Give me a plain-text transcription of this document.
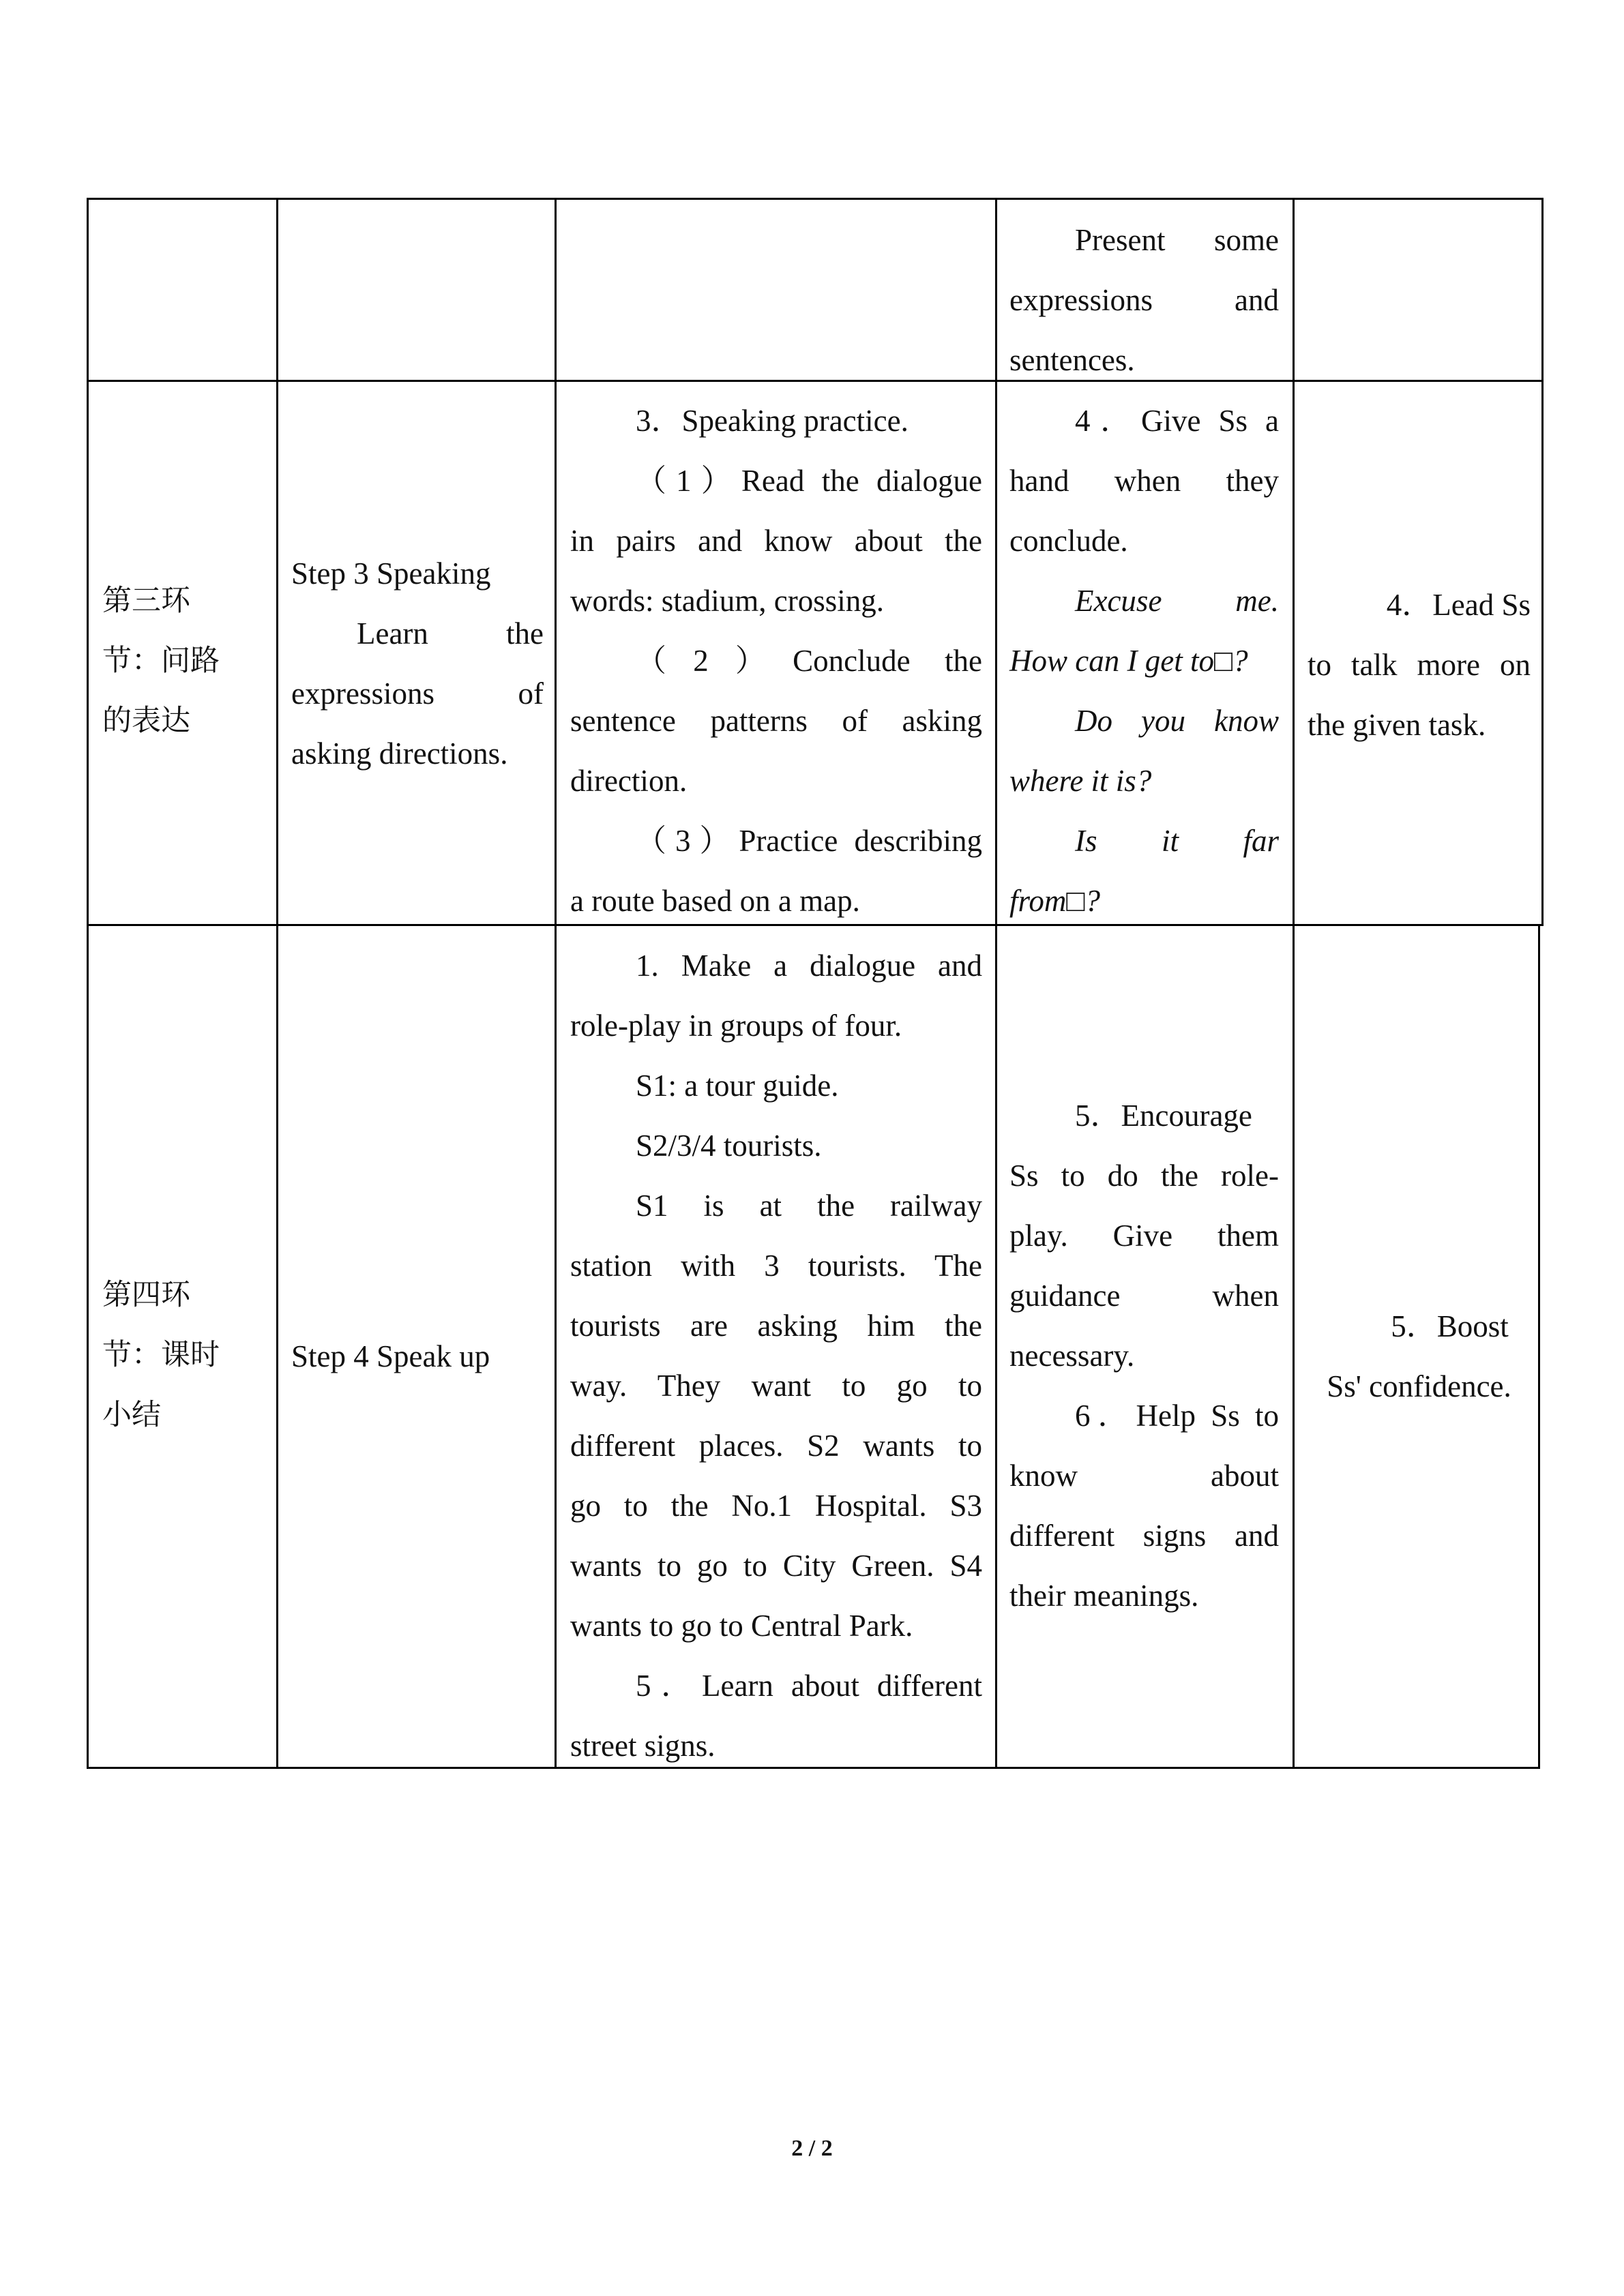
Present some
expressions and
sentences.
第三环
节：问路
的表达
Step 3 Speaking
Learn the
expressions of
asking directions.
3．Speaking practice.
（1）Read the dialogue
in pairs and know about the
words: stadium, crossing.
（2）Conclude the
sentence patterns of asking
direction.
（3）Practice describing
a route based on a map.
4．Give Ss a
hand when they
conclude.
Excuse me.
How can I get to□?
Do you know
where it is?
Is it far
from□?
4．Lead Ss
to talk more on
the given task.
第四环
节：课时
小结
Step 4 Speak up
1. Make a dialogue and
role-play in groups of four.
S1: a tour guide.
S2/3/4 tourists.
S1 is at the railway
station with 3 tourists. The
tourists are asking him the
way. They want to go to
different places. S2 wants to
go to the No.1 Hospital. S3
wants to go to City Green. S4
wants to go to Central Park.
5．Learn about different
street signs.
5．Encourage
Ss to do the role-
play. Give them
guidance when
necessary.
6．Help Ss to
know about
different signs and
their meanings.
5．Boost
Ss' confidence.
2 / 2
